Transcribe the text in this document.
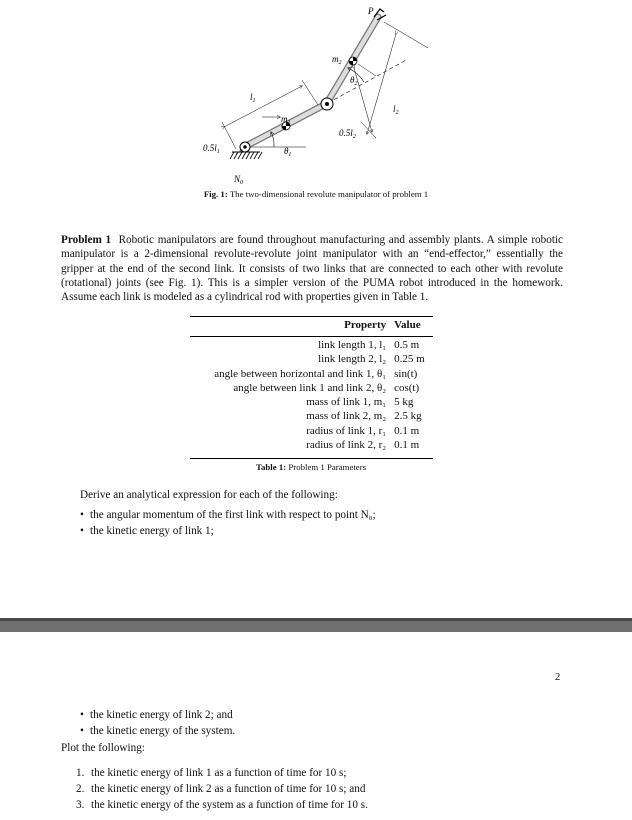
P
$m_2$
$\theta_2$
$l_1$
$l_2$
$m_1$
$0.5l_2$
$0.5l_1$	$\theta_1$
$N_0$
Fig. 1: The two-dimensional revolute manipulator of problem 1
Problem 1 Robotic manipulators are found throughout manufacturing and assembly plants. A simple robotic manipulator is a 2-dimensional revolute-revolute joint manipulator with an “end-effector,” essentially the gripper at the end of the second link. It consists of two links that are connected to each other with revolute (rotational) joints (see Fig. 1). This is a simpler version of the PUMA robot introduced in the homework. Assume each link is modeled as a cylindrical rod with properties given in Table 1.
Property	Value
link length 1, l₁	0.5 m
link length 2, l₂	0.25 m
angle between horizontal and link 1, θ₁	sin(t)
angle between link 1 and link 2, θ₂	cos(t)
mass of link 1, m₁	5 kg
mass of link 2, m₂	2.5 kg
radius of link 1, r₁	0.1 m
radius of link 2, r₂	0.1 m
Table 1: Problem 1 Parameters
Derive an analytical expression for each of the following:
• the angular momentum of the first link with respect to point N₀;
• the kinetic energy of link 1;
2
• the kinetic energy of link 2; and
• the kinetic energy of the system.
Plot the following:
1. the kinetic energy of link 1 as a function of time for 10 s;
2. the kinetic energy of link 2 as a function of time for 10 s; and
3. the kinetic energy of the system as a function of time for 10 s.
